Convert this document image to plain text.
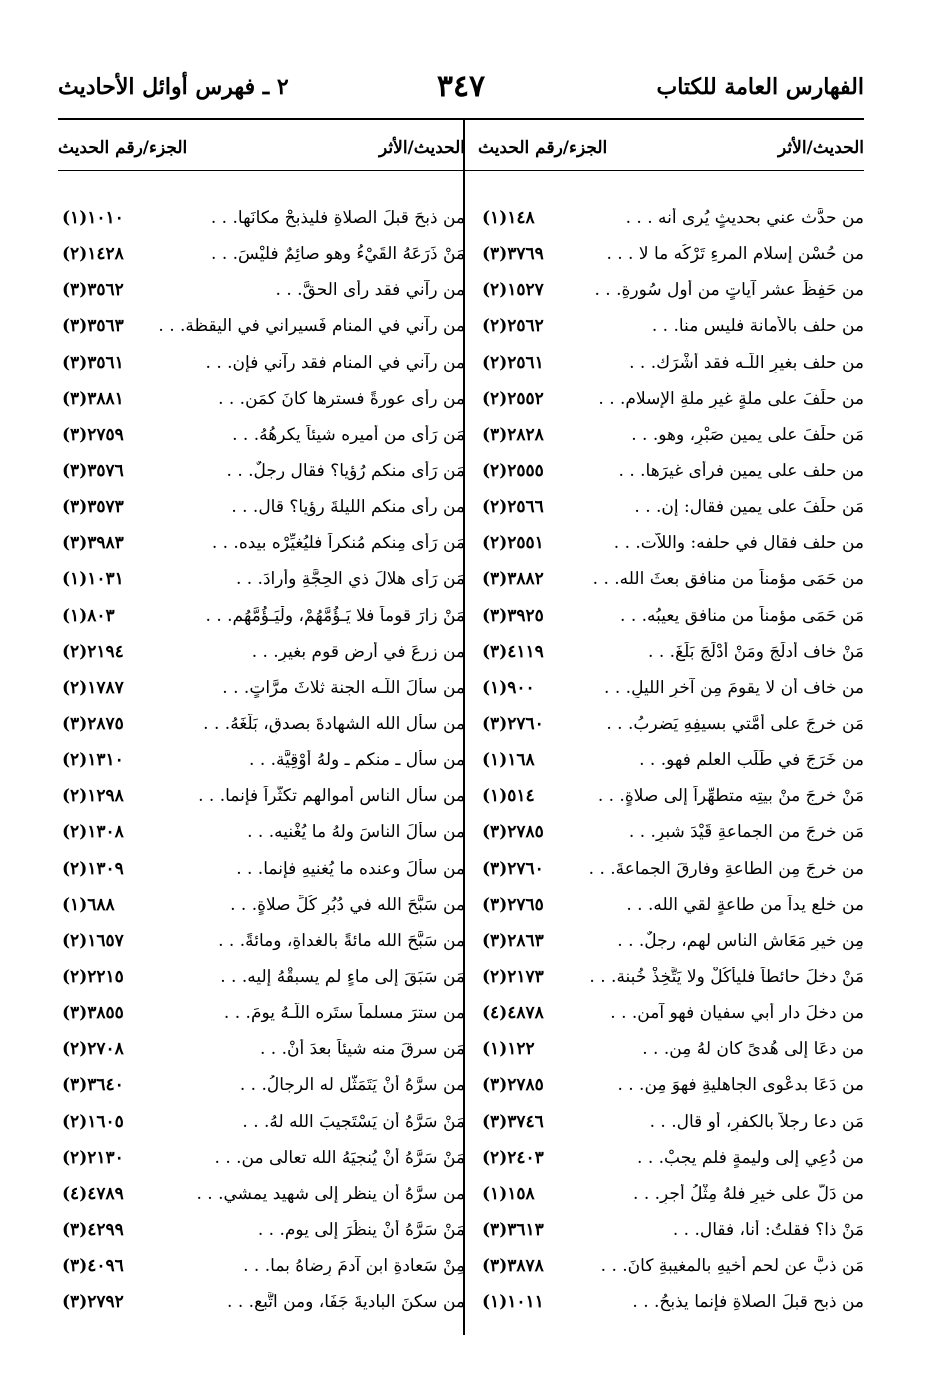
الفهارس العامة للكتاب
٣٤٧
٢ ـ فهرس أوائل الأحاديث
الحديث/الأثر
الجزء/رقم الحديث
الحديث/الأثر
الجزء/رقم الحديث
من حدَّث عني بحديثٍ يُرى أنه . . .
(١)١٤٨
من حُسْنِ إسلام المرءِ تَرْكُه ما لا . . .
(٣)٣٧٦٩
من حَفِظَ عشر آياتٍ من أول سُورةِ. . .
(٢)١٥٢٧
من حلف بالأمانة فليس منا. . .
(٢)٢٥٦٢
من حلف بغيرِ اللّـه فقد أشْرَك. . .
(٢)٢٥٦١
من حلَفَ على ملةٍ غيرِ ملةِ الإسلام. . .
(٢)٢٥٥٢
مَن حلَفَ على يمينِ صَبْرٍ، وهو. . .
(٣)٢٨٢٨
من حلف على يمينٍ فرأى غيرَها. . .
(٢)٢٥٥٥
مَن حلَفَ على يمينٍ فقال: إن. . .
(٢)٢٥٦٦
من حلف فقال في حلفه: واللاّت. . .
(٢)٢٥٥١
من حَمَى مؤمناً من منافقٍ بعثَ الله. . .
(٣)٣٨٨٢
مَن حَمَى مؤمناً من منافقٍ يعيبُه. . .
(٣)٣٩٢٥
مَنْ خاف أدلَجَ ومَنْ أدْلَجَ بَلَغَ. . .
(٣)٤١١٩
من خاف أن لا يقومَ مِن آخرِ الليلِ. . .
(١)٩٠٠
مَن خرجَ على أُمَّتي بسيفِهِ يَضربُ. . .
(٣)٢٧٦٠
من خَرَجَ في طَلَب العلمِ فهو. . .
(١)١٦٨
مَنْ خرجَ منْ بيتِه متطهِّراً إلى صلاةٍ. . .
(١)٥١٤
مَن خرجَ من الجماعةِ قَيْدَ شبرٍ. . .
(٣)٢٧٨٥
من خرجَ مِن الطاعةِ وفارقَ الجماعةَ. . .
(٣)٢٧٦٠
من خلع يداً من طاعةٍ لقي الله. . .
(٣)٢٧٦٥
مِن خيرِ مَعَاشِ الناسِ لهم، رجلٌ. . .
(٣)٢٨٦٣
مَنْ دخلَ حائطاً فليأكُلْ ولا يَتَّخِذْ خُبنة. . .
(٢)٢١٧٣
من دخلَ دار أبي سفيان فهو آمن. . .
(٤)٤٨٧٨
من دعَا إلى هُدىً كان لهُ مِن. . .
(١)١٢٢
من دَعَا بدعْوى الجاهليةِ فهوَ مِن. . .
(٣)٢٧٨٥
مَن دعا رجلاً بالكفرِ، أو قال. . .
(٣)٣٧٤٦
من دُعِي إلى وليمةٍ فلم يجبْ. . .
(٢)٢٤٠٣
من دَلَّ على خيرٍ فلهُ مِثْلُ أجرِ. . .
(١)١٥٨
مَنْ ذا؟ فقلتُ: أنا، فقال. . .
(٣)٣٦١٣
مَن ذبَّ عن لحمِ أخيهِ بالمغيبةِ كانَ. . .
(٣)٣٨٧٨
من ذبح قبلَ الصلاةِ فإنما يذبحُ. . .
(١)١٠١١
من ذبحَ قبلَ الصلاةِ فليذبحْ مكانَها. . .
(١)١٠١٠
مَنْ ذَرَعَهُ القَيْءُ وهو صائِمٌ فليْسَ. . .
(٢)١٤٢٨
من رآني فقد رأى الحقَّ. . .
(٣)٣٥٦٢
من رآني في المنامِ فَسيراني في اليقظة. . .
(٣)٣٥٦٣
من رآني في المنامِ فقد رآني فإن. . .
(٣)٣٥٦١
من رأى عورةً فسترها كانَ كمَن. . .
(٣)٣٨٨١
مَن رَأى من أميره شيئاً يكرهُهُ. . .
(٣)٢٧٥٩
مَن رَأى منكم رُؤيا؟ فقال رجلٌ. . .
(٣)٣٥٧٦
من رأى منكم الليلةَ رؤيا؟ قال. . .
(٣)٣٥٧٣
مَن رَأى مِنكم مُنكراً فليُغيِّرْه بيده. . .
(٣)٣٩٨٣
مَن رَأى هلالَ ذي الحِجَّةِ وأرادَ. . .
(١)١٠٣١
مَنْ زارَ قوماً فلا يَـؤُمَّهُمْ، ولْيَـؤُمَّهُم. . .
(١)٨٠٣
من زرعَ في أرضِ قومٍ بغيرِ. . .
(٢)٢١٩٤
من سألَ اللّـه الجنة ثلاثَ مرَّاتٍ. . .
(٢)١٧٨٧
من سأل الله الشهادةَ بصدقٍ، بَلَّغَهُ. . .
(٣)٢٨٧٥
من سأل ـ منكم ـ ولهُ أُوْقِيَّة. . .
(٢)١٣١٠
من سأل الناس أموالهم تكثُّراً فإنما. . .
(٢)١٢٩٨
من سألَ الناسَ ولهُ ما يُغْنيه. . .
(٢)١٣٠٨
من سألَ وعنده ما يُغنيهِ فإنما. . .
(٢)١٣٠٩
من سَبَّحَ الله في دُبُرِ كُلِّ صلاةٍ. . .
(١)٦٨٨
من سَبَّحَ الله مائةً بالغداةِ، ومائةً. . .
(٢)١٦٥٧
مَن سَبَقَ إلى ماءٍ لم يسبقْهُ إليه. . .
(٢)٢٢١٥
من سترَ مسلماً ستَره اللّـهُ يومَ. . .
(٣)٣٨٥٥
مَن سرقَ منه شيئاً بعدَ أنْ. . .
(٢)٢٧٠٨
من سرَّهُ أنْ يَتَمَثَّل له الرجالُ. . .
(٣)٣٦٤٠
مَنْ سَرَّهُ أن يَسْتَجيبَ الله لهُ. . .
(٢)١٦٠٥
مَنْ سَرَّهُ أنْ يُنجيَهُ الله تعالى من. . .
(٢)٢١٣٠
من سرَّهُ أن ينظر إلى شهيد يمشي. . .
(٤)٤٧٨٩
مَنْ سَرَّهُ أنْ ينظُرَ إلى يومِ. . .
(٣)٤٢٩٩
مِنْ سَعادةِ ابن آدمَ رِضاهُ بما. . .
(٣)٤٠٩٦
من سكنَ الباديةَ جَفَا، ومن اتَّبع. . .
(٣)٢٧٩٢
